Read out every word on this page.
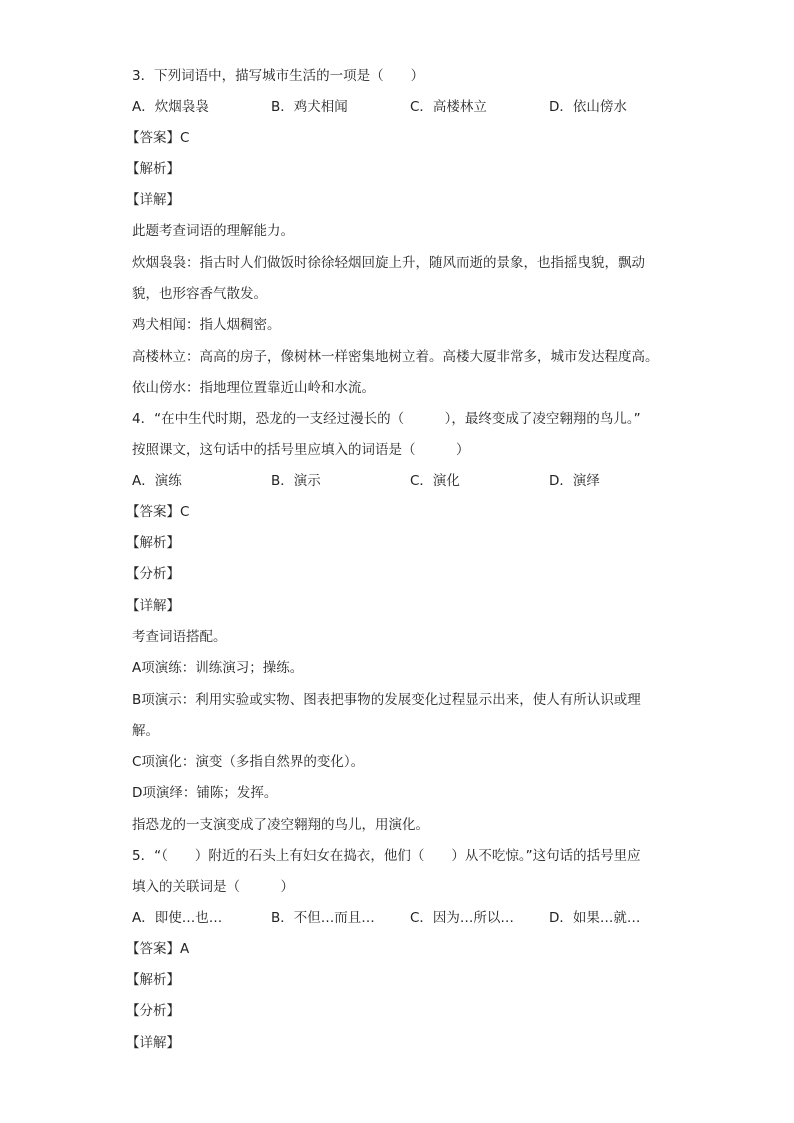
3．下列词语中，描写城市生活的一项是（　　）
A．炊烟袅袅	B．鸡犬相闻	C．高楼林立	D．依山傍水
【答案】C
【解析】
【详解】
此题考查词语的理解能力。
炊烟袅袅：指古时人们做饭时徐徐轻烟回旋上升，随风而逝的景象，也指摇曳貌，飘动
貌，也形容香气散发。
鸡犬相闻：指人烟稠密。
高楼林立：高高的房子，像树林一样密集地树立着。高楼大厦非常多，城市发达程度高。
依山傍水：指地理位置靠近山岭和水流。
4．“在中生代时期，恐龙的一支经过漫长的（　　　），最终变成了凌空翱翔的鸟儿。”
按照课文，这句话中的括号里应填入的词语是（　　　）
A．演练	B．演示	C．演化	D．演绎
【答案】C
【解析】
【分析】
【详解】
考查词语搭配。
A项演练：训练演习；操练。
B项演示：利用实验或实物、图表把事物的发展变化过程显示出来，使人有所认识或理
解。
C项演化：演变（多指自然界的变化）。
D项演绎：铺陈；发挥。
指恐龙的一支演变成了凌空翱翔的鸟儿，用演化。
5．“（　　）附近的石头上有妇女在捣衣，他们（　　）从不吃惊。”这句话的括号里应
填入的关联词是（　　　）
A．即使…也…	B．不但…而且…	C．因为…所以…	D．如果…就…
【答案】A
【解析】
【分析】
【详解】
